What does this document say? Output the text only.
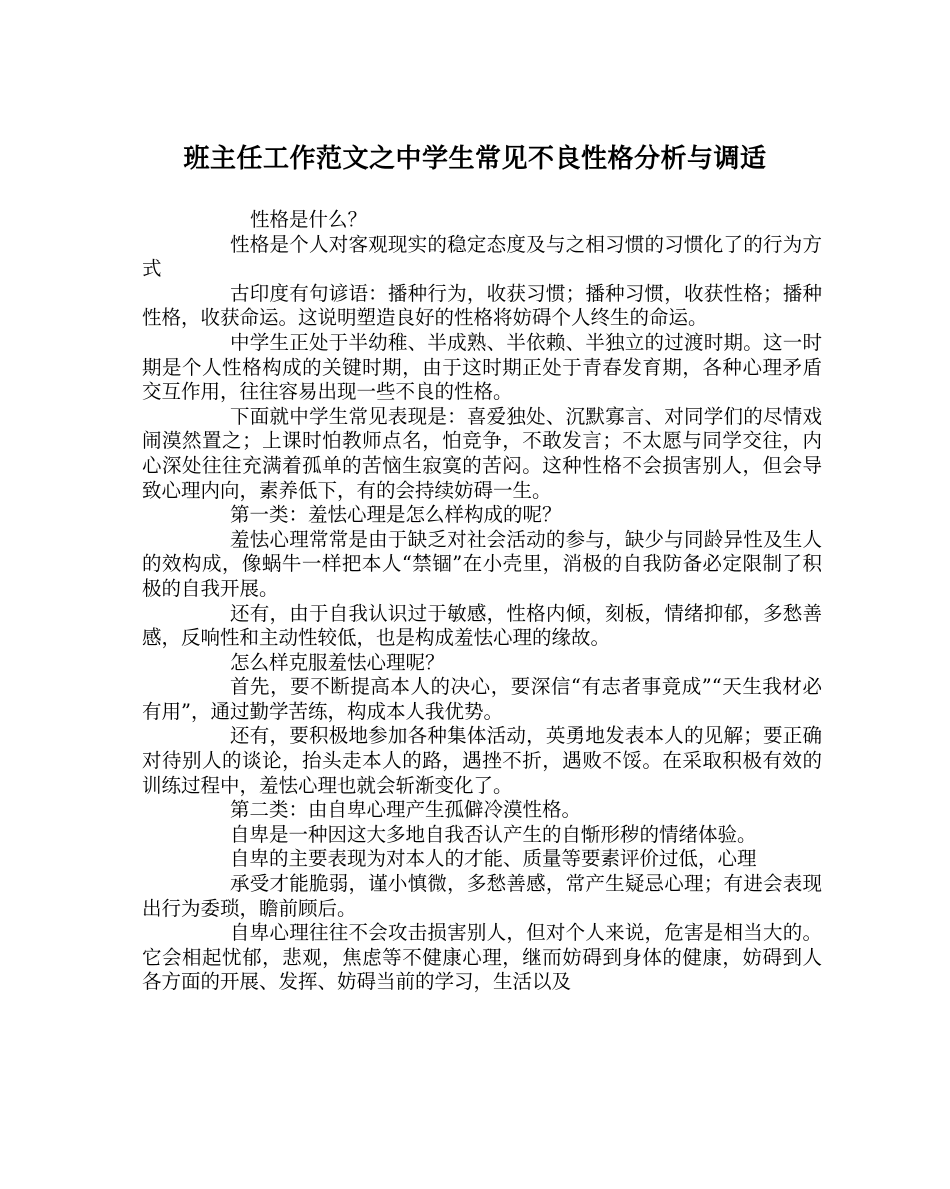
班主任工作范文之中学生常见不良性格分析与调适

性格是什么？

性格是个人对客观现实的稳定态度及与之相习惯的习惯化了的行为方式

古印度有句谚语：播种行为，收获习惯；播种习惯，收获性格；播种性格，收获命运。这说明塑造良好的性格将妨碍个人终生的命运。

中学生正处于半幼稚、半成熟、半依赖、半独立的过渡时期。这一时期是个人性格构成的关键时期，由于这时期正处于青春发育期，各种心理矛盾交互作用，往往容易出现一些不良的性格。

下面就中学生常见表现是：喜爱独处、沉默寡言、对同学们的尽情戏闹漠然置之；上课时怕教师点名，怕竞争，不敢发言；不太愿与同学交往，内心深处往往充满着孤单的苦恼生寂寞的苦闷。这种性格不会损害别人，但会导致心理内向，素养低下，有的会持续妨碍一生。

第一类：羞怯心理是怎么样构成的呢？

羞怯心理常常是由于缺乏对社会活动的参与，缺少与同龄异性及生人的效构成，像蜗牛一样把本人“禁锢”在小壳里，消极的自我防备必定限制了积极的自我开展。

还有，由于自我认识过于敏感，性格内倾，刻板，情绪抑郁，多愁善感，反响性和主动性较低，也是构成羞怯心理的缘故。

怎么样克服羞怯心理呢？

首先，要不断提高本人的决心，要深信“有志者事竟成”“天生我材必有用”，通过勤学苦练，构成本人我优势。

还有，要积极地参加各种集体活动，英勇地发表本人的见解；要正确对待别人的谈论，抬头走本人的路，遇挫不折，遇败不馁。在采取积极有效的训练过程中，羞怯心理也就会斩渐变化了。

第二类：由自卑心理产生孤僻冷漠性格。

自卑是一种因这大多地自我否认产生的自惭形秽的情绪体验。

自卑的主要表现为对本人的才能、质量等要素评价过低，心理

承受才能脆弱，谨小慎微，多愁善感，常产生疑忌心理；有进会表现出行为委琐，瞻前顾后。

自卑心理往往不会攻击损害别人，但对个人来说，危害是相当大的。它会相起忧郁，悲观，焦虑等不健康心理，继而妨碍到身体的健康，妨碍到人各方面的开展、发挥、妨碍当前的学习，生活以及
